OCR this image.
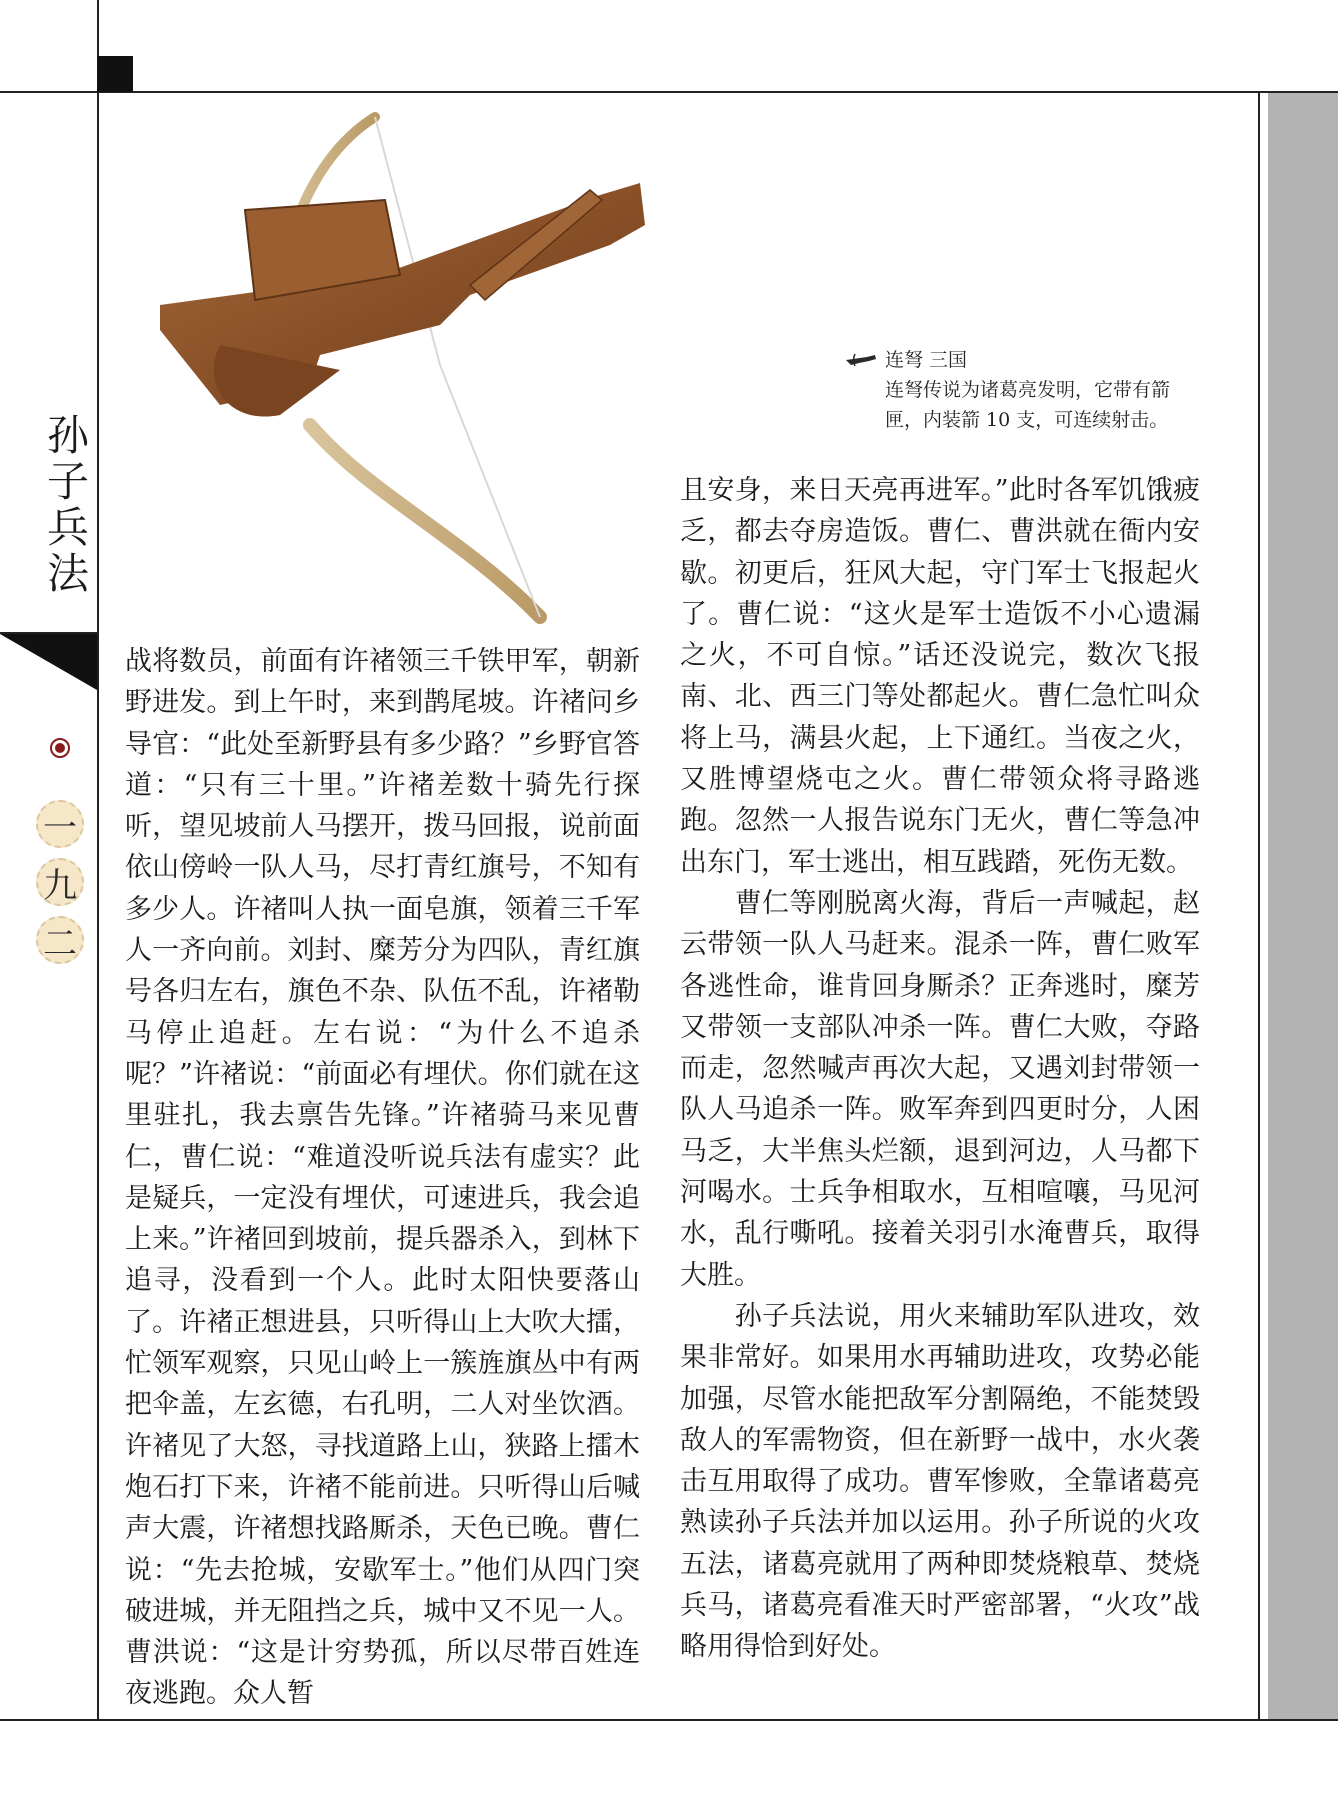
孙子兵法
一
九
二
连弩 三国
连弩传说为诸葛亮发明，它带有箭匣，内装箭 10 支，可连续射击。

战将数员，前面有许褚领三千铁甲军，朝新野进发。到上午时，来到鹊尾坡。许褚问乡导官：“此处至新野县有多少路？”乡野官答道：“只有三十里。”许褚差数十骑先行探听，望见坡前人马摆开，拨马回报，说前面依山傍岭一队人马，尽打青红旗号，不知有多少人。许褚叫人执一面皂旗，领着三千军人一齐向前。刘封、糜芳分为四队，青红旗号各归左右，旗色不杂、队伍不乱，许褚勒马停止追赶。左右说：“为什么不追杀呢？”许褚说：“前面必有埋伏。你们就在这里驻扎，我去禀告先锋。”许褚骑马来见曹仁，曹仁说：“难道没听说兵法有虚实？此是疑兵，一定没有埋伏，可速进兵，我会追上来。”许褚回到坡前，提兵器杀入，到林下追寻，没看到一个人。此时太阳快要落山了。许褚正想进县，只听得山上大吹大擂，忙领军观察，只见山岭上一簇旌旗丛中有两把伞盖，左玄德，右孔明，二人对坐饮酒。许褚见了大怒，寻找道路上山，狭路上擂木炮石打下来，许褚不能前进。只听得山后喊声大震，许褚想找路厮杀，天色已晚。曹仁说：“先去抢城，安歇军士。”他们从四门突破进城，并无阻挡之兵，城中又不见一人。曹洪说：“这是计穷势孤，所以尽带百姓连夜逃跑。众人暂

且安身，来日天亮再进军。”此时各军饥饿疲乏，都去夺房造饭。曹仁、曹洪就在衙内安歇。初更后，狂风大起，守门军士飞报起火了。曹仁说：“这火是军士造饭不小心遗漏之火，不可自惊。”话还没说完，数次飞报南、北、西三门等处都起火。曹仁急忙叫众将上马，满县火起，上下通红。当夜之火，又胜博望烧屯之火。曹仁带领众将寻路逃跑。忽然一人报告说东门无火，曹仁等急冲出东门，军士逃出，相互践踏，死伤无数。

　　曹仁等刚脱离火海，背后一声喊起，赵云带领一队人马赶来。混杀一阵，曹仁败军各逃性命，谁肯回身厮杀？正奔逃时，糜芳又带领一支部队冲杀一阵。曹仁大败，夺路而走，忽然喊声再次大起，又遇刘封带领一队人马追杀一阵。败军奔到四更时分，人困马乏，大半焦头烂额，退到河边，人马都下河喝水。士兵争相取水，互相喧嚷，马见河水，乱行嘶吼。接着关羽引水淹曹兵，取得大胜。

　　孙子兵法说，用火来辅助军队进攻，效果非常好。如果用水再辅助进攻，攻势必能加强，尽管水能把敌军分割隔绝，不能焚毁敌人的军需物资，但在新野一战中，水火袭击互用取得了成功。曹军惨败，全靠诸葛亮熟读孙子兵法并加以运用。孙子所说的火攻五法，诸葛亮就用了两种即焚烧粮草、焚烧兵马，诸葛亮看准天时严密部署，“火攻”战略用得恰到好处。
